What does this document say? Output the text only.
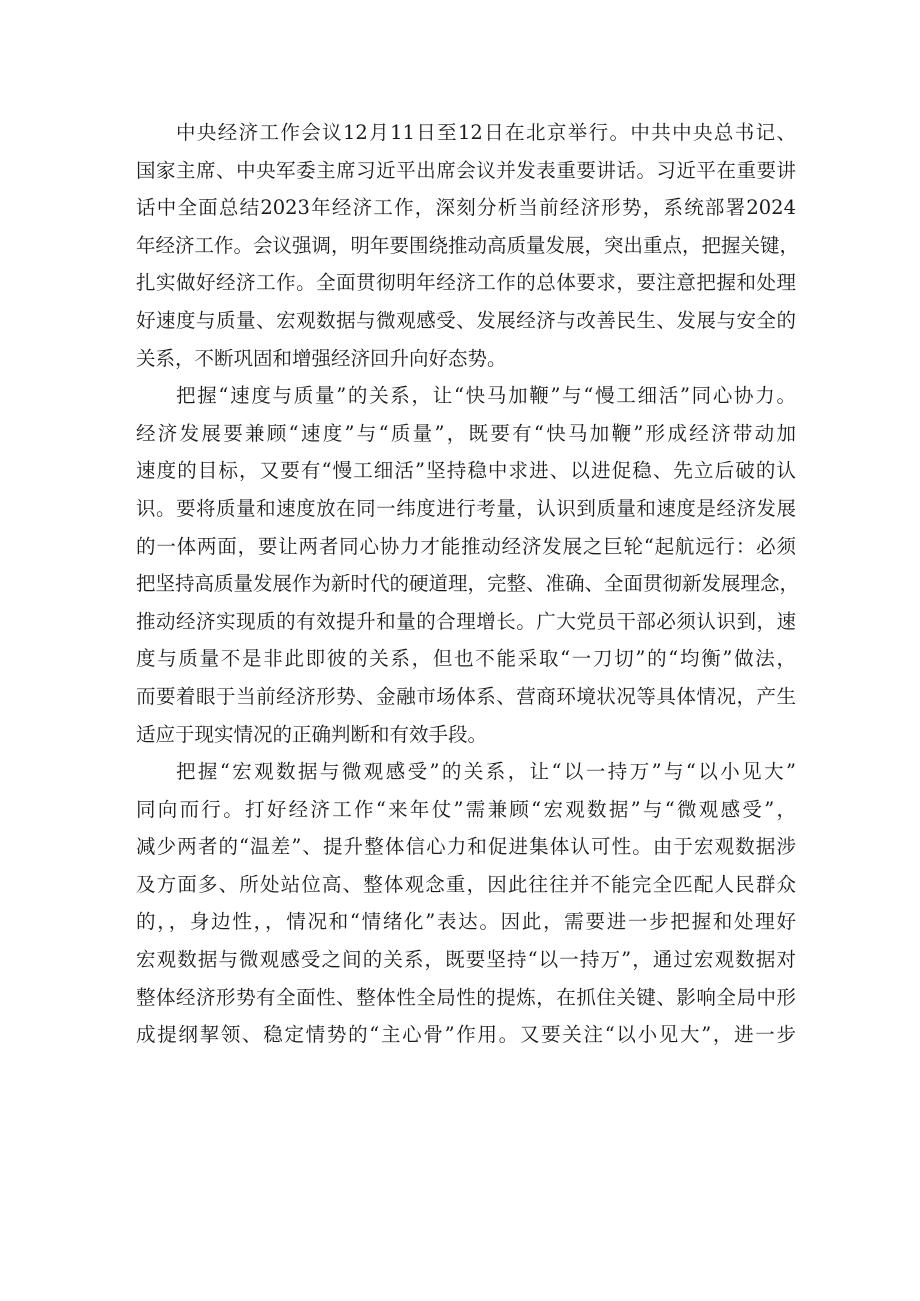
中央经济工作会议12月11日至12日在北京举行。中共中央总书记、
国家主席、中央军委主席习近平出席会议并发表重要讲话。习近平在重要讲
话中全面总结2023年经济工作，深刻分析当前经济形势，系统部署2024
年经济工作。会议强调，明年要围绕推动高质量发展，突出重点，把握关键，
扎实做好经济工作。全面贯彻明年经济工作的总体要求，要注意把握和处理
好速度与质量、宏观数据与微观感受、发展经济与改善民生、发展与安全的
关系，不断巩固和增强经济回升向好态势。
把握“速度与质量”的关系，让“快马加鞭”与“慢工细活”同心协力。
经济发展要兼顾“速度”与“质量”，既要有“快马加鞭”形成经济带动加
速度的目标，又要有“慢工细活”坚持稳中求进、以进促稳、先立后破的认
识。要将质量和速度放在同一纬度进行考量，认识到质量和速度是经济发展
的一体两面，要让两者同心协力才能推动经济发展之巨轮“起航远行：必须
把坚持高质量发展作为新时代的硬道理，完整、准确、全面贯彻新发展理念，
推动经济实现质的有效提升和量的合理增长。广大党员干部必须认识到，速
度与质量不是非此即彼的关系，但也不能采取“一刀切”的“均衡”做法，
而要着眼于当前经济形势、金融市场体系、营商环境状况等具体情况，产生
适应于现实情况的正确判断和有效手段。
把握“宏观数据与微观感受”的关系，让“以一持万”与“以小见大”
同向而行。打好经济工作“来年仗”需兼顾“宏观数据”与“微观感受”，
减少两者的“温差”、提升整体信心力和促进集体认可性。由于宏观数据涉
及方面多、所处站位高、整体观念重，因此往往并不能完全匹配人民群众
的，，身边性，，情况和“情绪化”表达。因此，需要进一步把握和处理好
宏观数据与微观感受之间的关系，既要坚持“以一持万”，通过宏观数据对
整体经济形势有全面性、整体性全局性的提炼，在抓住关键、影响全局中形
成提纲挈领、稳定情势的“主心骨”作用。又要关注“以小见大”，进一步
